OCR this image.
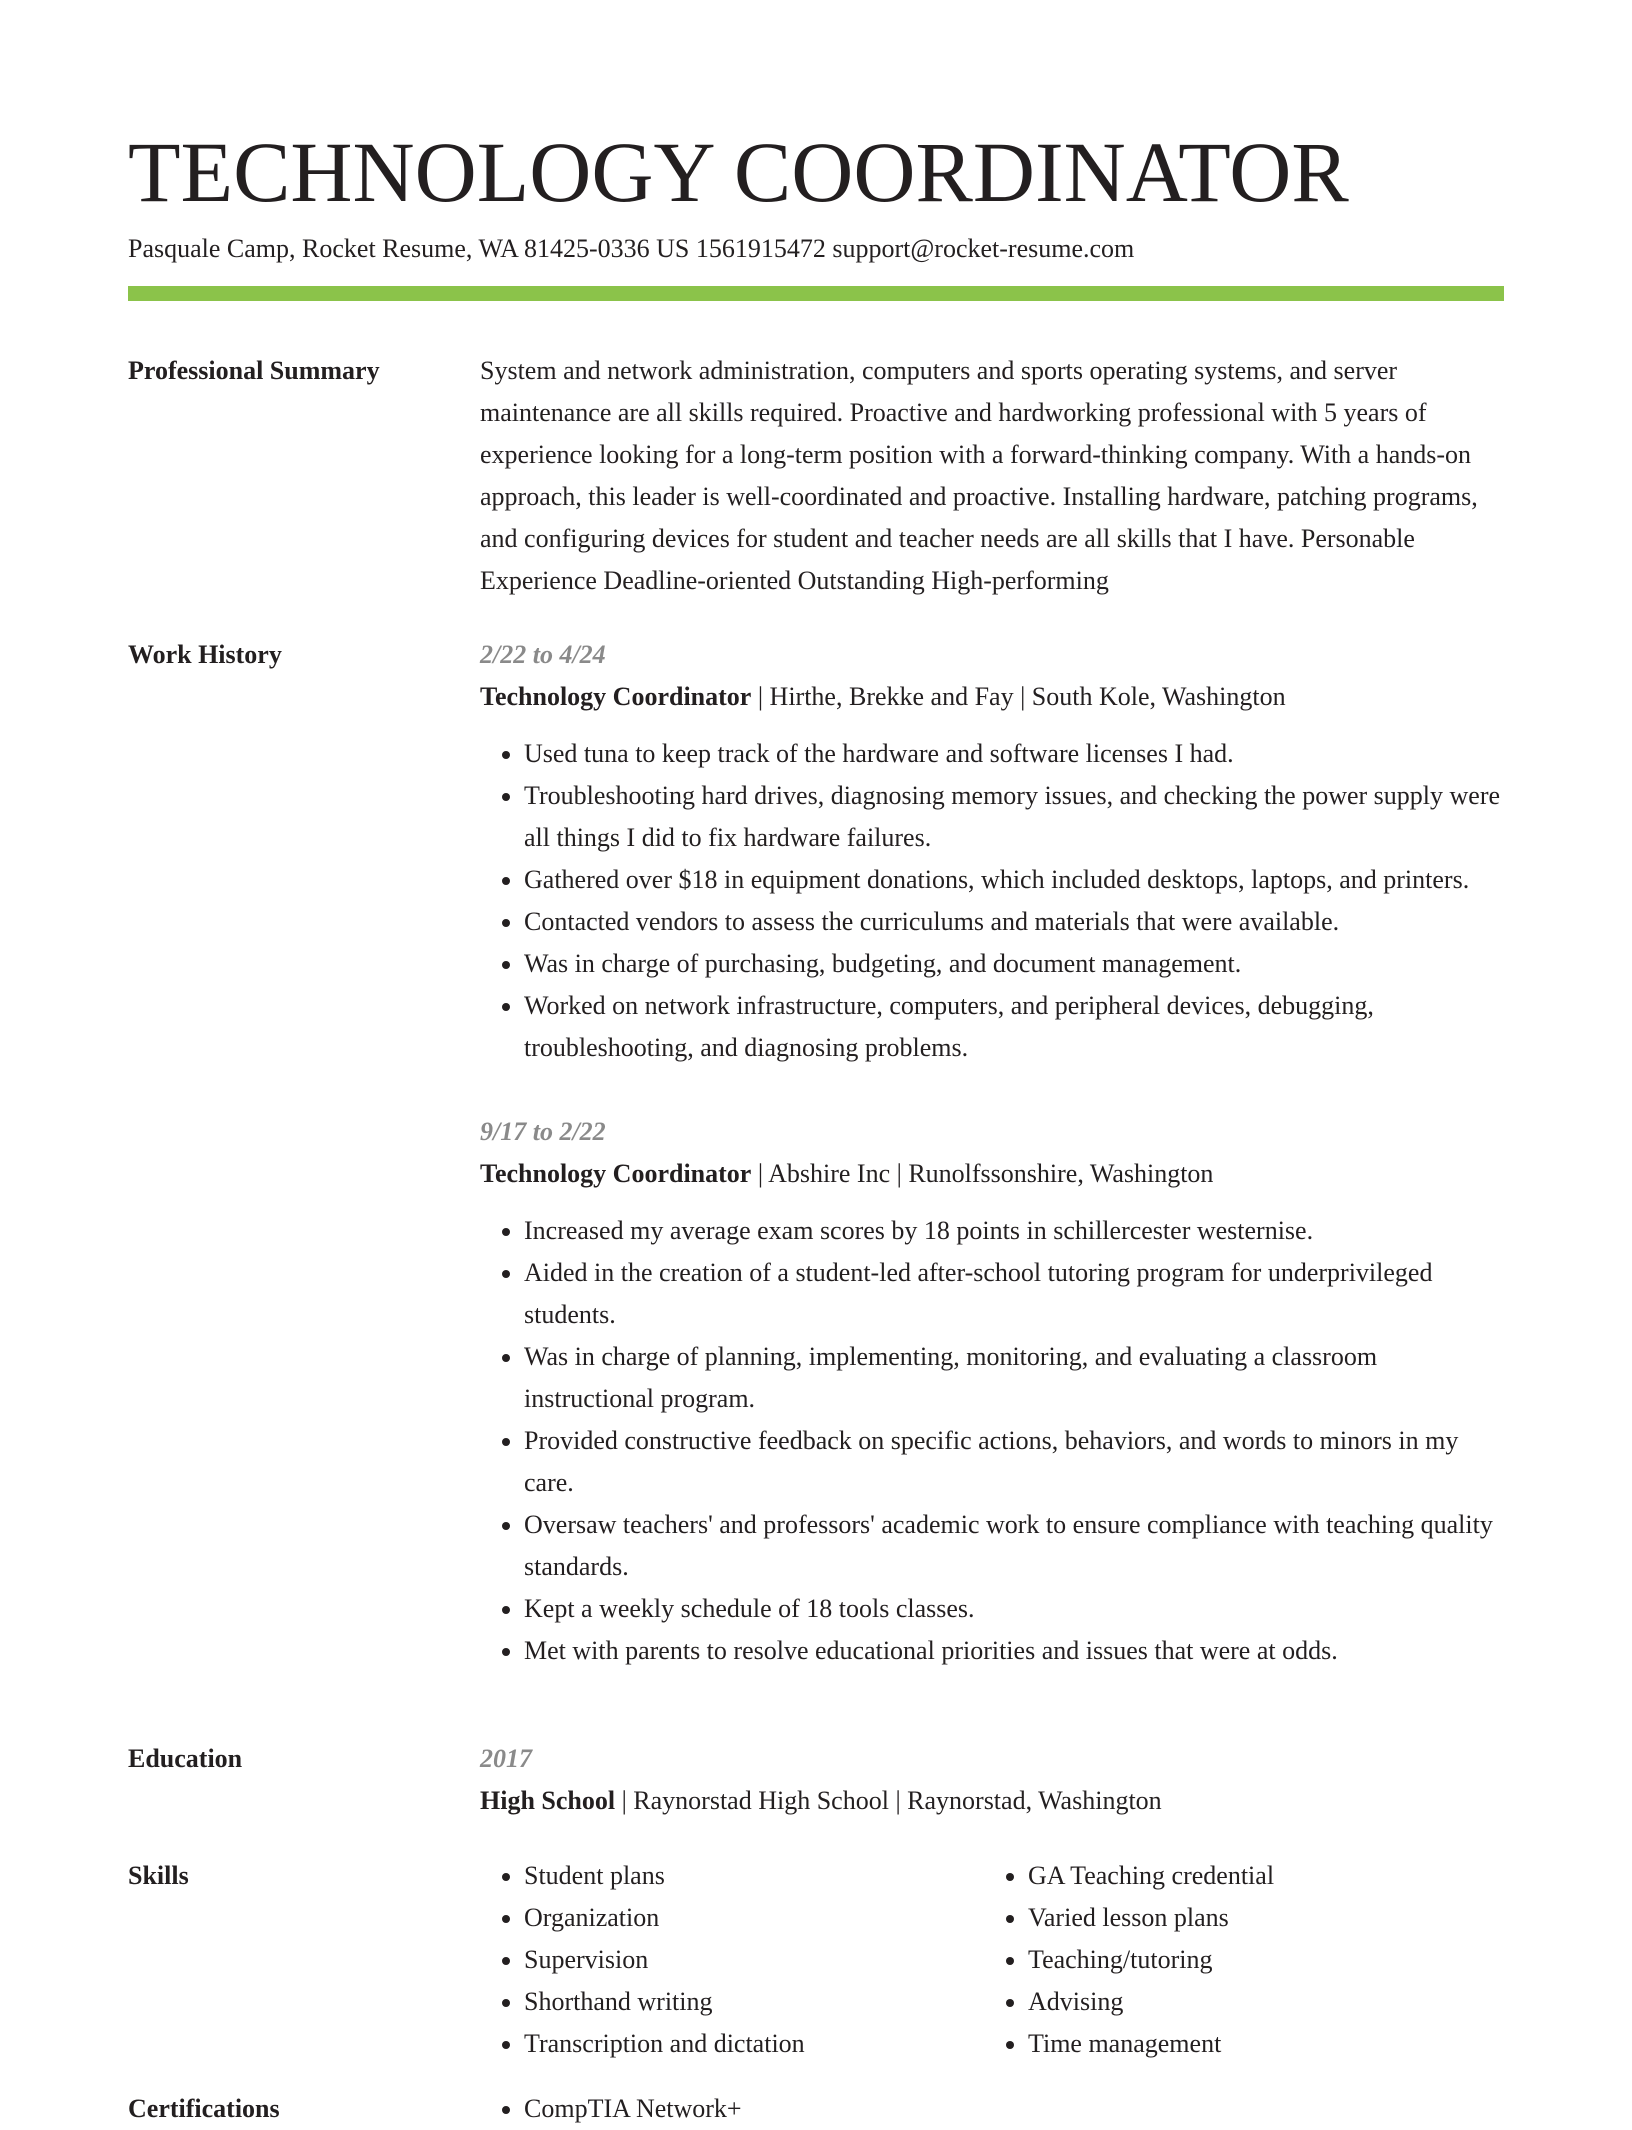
TECHNOLOGY COORDINATOR
Pasquale Camp, Rocket Resume, WA 81425-0336 US 1561915472 support@rocket-resume.com
Professional Summary	System and network administration, computers and sports operating systems, and server maintenance are all skills required. Proactive and hardworking professional with 5 years of experience looking for a long-term position with a forward-thinking company. With a hands-on approach, this leader is well-coordinated and proactive. Installing hardware, patching programs, and configuring devices for student and teacher needs are all skills that I have. Personable Experience Deadline-oriented Outstanding High-performing

Work History	2/22 to 4/24
Technology Coordinator | Hirthe, Brekke and Fay | South Kole, Washington
• Used tuna to keep track of the hardware and software licenses I had.
• Troubleshooting hard drives, diagnosing memory issues, and checking the power supply were all things I did to fix hardware failures.
• Gathered over $18 in equipment donations, which included desktops, laptops, and printers.
• Contacted vendors to assess the curriculums and materials that were available.
• Was in charge of purchasing, budgeting, and document management.
• Worked on network infrastructure, computers, and peripheral devices, debugging, troubleshooting, and diagnosing problems.
9/17 to 2/22
Technology Coordinator | Abshire Inc | Runolfssonshire, Washington
• Increased my average exam scores by 18 points in schillercester westernise.
• Aided in the creation of a student-led after-school tutoring program for underprivileged students.
• Was in charge of planning, implementing, monitoring, and evaluating a classroom instructional program.
• Provided constructive feedback on specific actions, behaviors, and words to minors in my care.
• Oversaw teachers' and professors' academic work to ensure compliance with teaching quality standards.
• Kept a weekly schedule of 18 tools classes.
• Met with parents to resolve educational priorities and issues that were at odds.
Education	2017
High School | Raynorstad High School | Raynorstad, Washington
Skills	• Student plans
• Organization
• Supervision
• Shorthand writing
• Transcription and dictation
• GA Teaching credential
• Varied lesson plans
• Teaching/tutoring
• Advising
• Time management
Certifications	• CompTIA Network+
